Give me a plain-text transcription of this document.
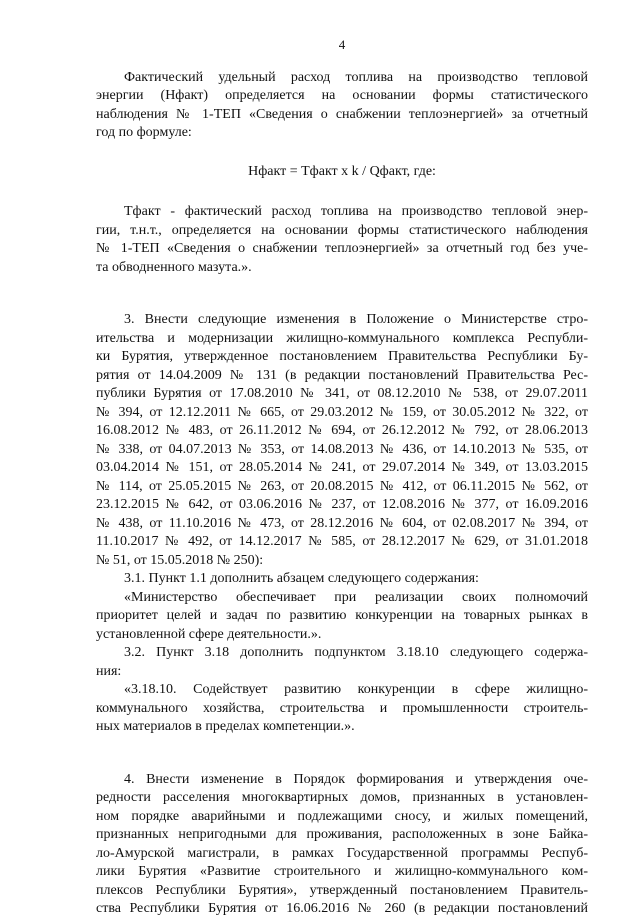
4
Фактический удельный расход топлива на производство тепловой
энергии (Нфакт) определяется на основании формы статистического
наблюдения № 1-ТЕП «Сведения о снабжении теплоэнергией» за отчетный
год по формуле:
Нфакт = Тфакт x k / Qфакт, где:
Тфакт - фактический расход топлива на производство тепловой энер-
гии, т.н.т., определяется на основании формы статистического наблюдения
№ 1-ТЕП «Сведения о снабжении теплоэнергией» за отчетный год без уче-
та обводненного мазута.».
3. Внести следующие изменения в Положение о Министерстве стро-
ительства и модернизации жилищно-коммунального комплекса Республи-
ки Бурятия, утвержденное постановлением Правительства Республики Бу-
рятия от 14.04.2009 № 131 (в редакции постановлений Правительства Рес-
публики Бурятия от 17.08.2010 № 341, от 08.12.2010 № 538, от 29.07.2011
№ 394, от 12.12.2011 № 665, от 29.03.2012 № 159, от 30.05.2012 № 322, от
16.08.2012 № 483, от 26.11.2012 № 694, от 26.12.2012 № 792, от 28.06.2013
№ 338, от 04.07.2013 № 353, от 14.08.2013 № 436, от 14.10.2013 № 535, от
03.04.2014 № 151, от 28.05.2014 № 241, от 29.07.2014 № 349, от 13.03.2015
№ 114, от 25.05.2015 № 263, от 20.08.2015 № 412, от 06.11.2015 № 562, от
23.12.2015 № 642, от 03.06.2016 № 237, от 12.08.2016 № 377, от 16.09.2016
№ 438, от 11.10.2016 № 473, от 28.12.2016 № 604, от 02.08.2017 № 394, от
11.10.2017 № 492, от 14.12.2017 № 585, от 28.12.2017 № 629, от 31.01.2018
№ 51, от 15.05.2018 № 250):
3.1. Пункт 1.1 дополнить абзацем следующего содержания:
«Министерство обеспечивает при реализации своих полномочий
приоритет целей и задач по развитию конкуренции на товарных рынках в
установленной сфере деятельности.».
3.2. Пункт 3.18 дополнить подпунктом 3.18.10 следующего содержа-
ния:
«3.18.10. Содействует развитию конкуренции в сфере жилищно-
коммунального хозяйства, строительства и промышленности строитель-
ных материалов в пределах компетенции.».
4. Внести изменение в Порядок формирования и утверждения оче-
редности расселения многоквартирных домов, признанных в установлен-
ном порядке аварийными и подлежащими сносу, и жилых помещений,
признанных непригодными для проживания, расположенных в зоне Байка-
ло-Амурской магистрали, в рамках Государственной программы Респуб-
лики Бурятия «Развитие строительного и жилищно-коммунального ком-
плексов Республики Бурятия», утвержденный постановлением Правитель-
ства Республики Бурятия от 16.06.2016 № 260 (в редакции постановлений
